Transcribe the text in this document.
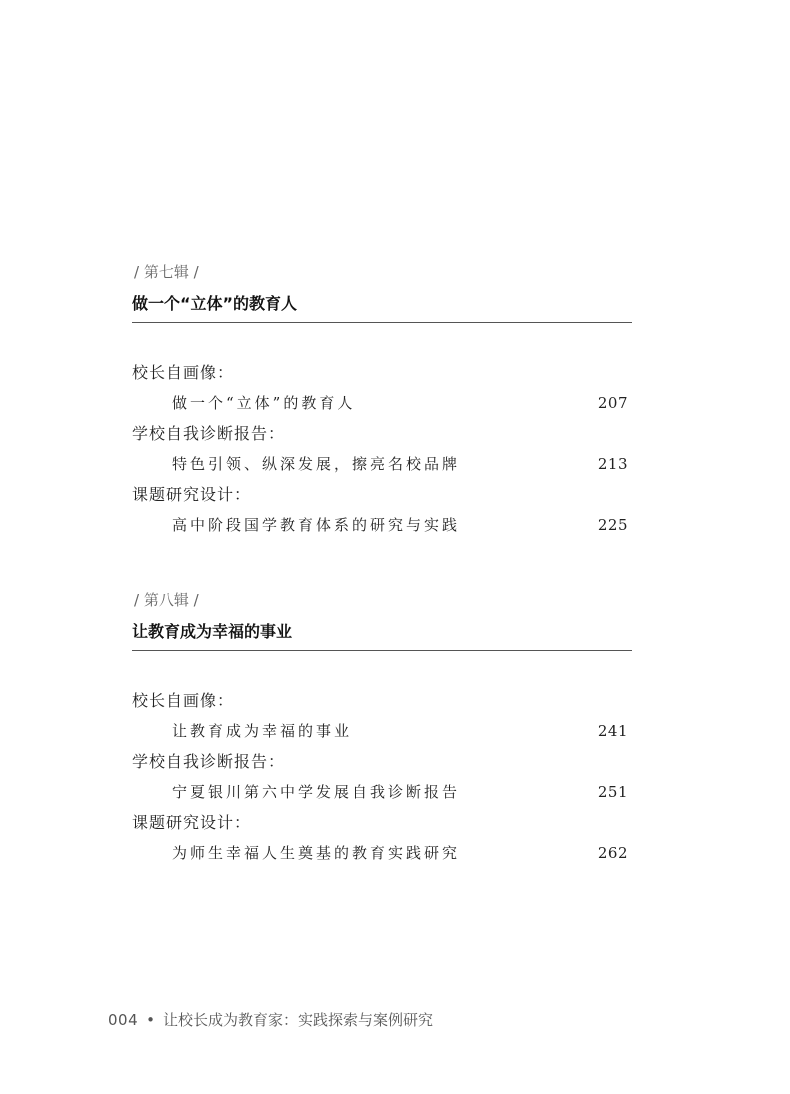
/ 第七辑 /
做一个“立体”的教育人
校长自画像：
做一个“立体”的教育人	207
学校自我诊断报告：
特色引领、纵深发展，擦亮名校品牌	213
课题研究设计：
高中阶段国学教育体系的研究与实践	225
/ 第八辑 /
让教育成为幸福的事业
校长自画像：
让教育成为幸福的事业	241
学校自我诊断报告：
宁夏银川第六中学发展自我诊断报告	251
课题研究设计：
为师生幸福人生奠基的教育实践研究	262
004 • 让校长成为教育家：实践探索与案例研究
